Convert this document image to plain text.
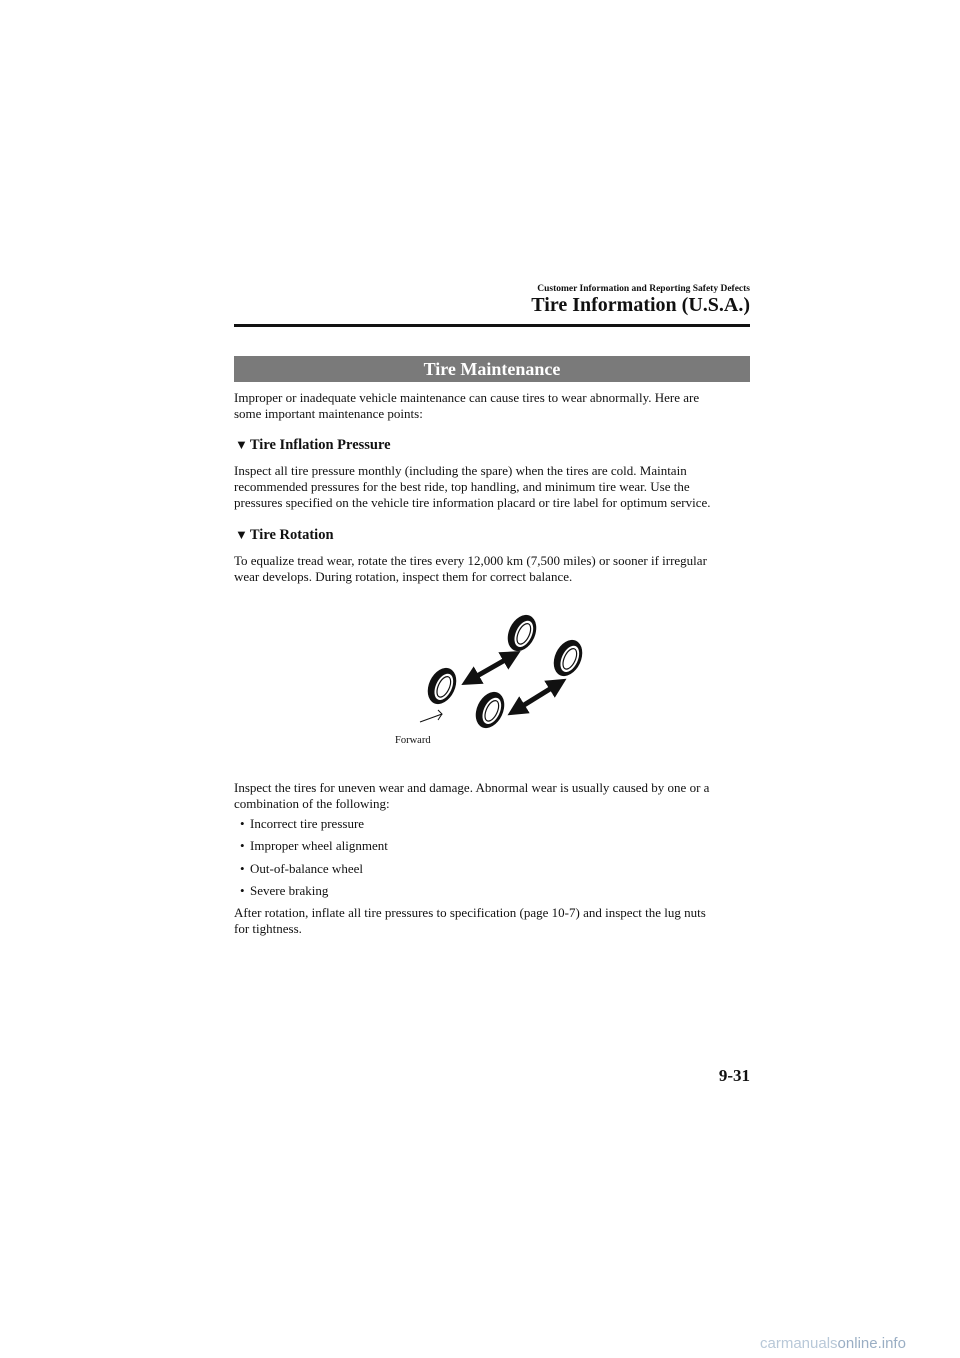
Customer Information and Reporting Safety Defects
Tire Information (U.S.A.)
Tire Maintenance
Improper or inadequate vehicle maintenance can cause tires to wear abnormally. Here are
some important maintenance points:
▼ Tire Inflation Pressure
Inspect all tire pressure monthly (including the spare) when the tires are cold. Maintain
recommended pressures for the best ride, top handling, and minimum tire wear. Use the
pressures specified on the vehicle tire information placard or tire label for optimum service.
▼ Tire Rotation
To equalize tread wear, rotate the tires every 12,000 km (7,500 miles) or sooner if irregular
wear develops. During rotation, inspect them for correct balance.
Forward
Inspect the tires for uneven wear and damage. Abnormal wear is usually caused by one or a
combination of the following:
• Incorrect tire pressure
• Improper wheel alignment
• Out-of-balance wheel
• Severe braking
After rotation, inflate all tire pressures to specification (page 10-7) and inspect the lug nuts
for tightness.
9-31
carmanualsonline.info
